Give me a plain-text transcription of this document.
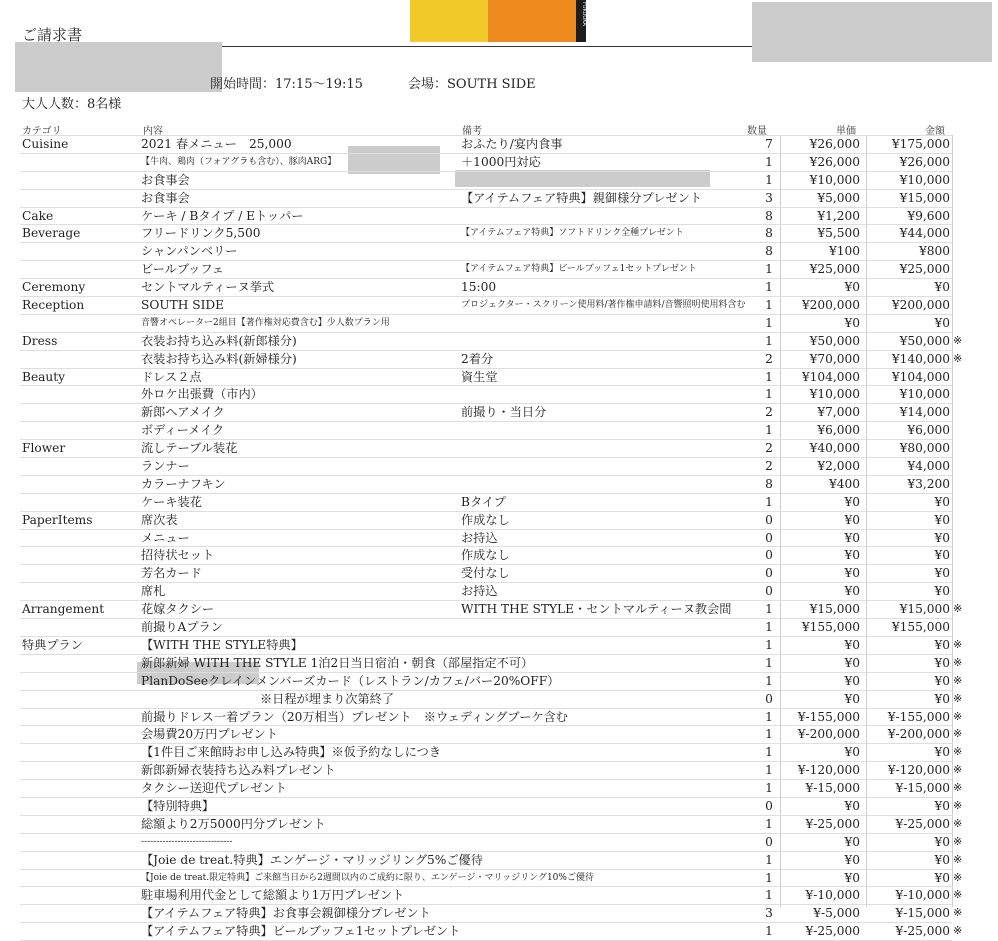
FUKUOKA
ご請求書
開始時間：17:15～19:15	会場：SOUTH SIDE
大人人数：8名様
カテゴリ	内容	備考	数量	単価	金額
Cuisine	2021 春メニュー　25,000	おふたり/宴内食事	7	¥26,000	¥175,000
【牛肉、鶏肉（フォアグラも含む）、豚肉ARG】	＋1000円対応	1	¥26,000	¥26,000
お食事会	1	¥10,000	¥10,000
お食事会	【アイテムフェア特典】親御様分プレゼント	3	¥5,000	¥15,000
Cake	ケーキ / Bタイプ / Eトッパー	8	¥1,200	¥9,600
Beverage	フリードリンク5,500	【アイテムフェア特典】ソフトドリンク全種プレゼント	8	¥5,500	¥44,000
シャンパンベリー	8	¥100	¥800
ビールブッフェ	【アイテムフェア特典】ビールブッフェ1セットプレゼント	1	¥25,000	¥25,000
Ceremony	セントマルティーヌ挙式	15:00	1	¥0	¥0
Reception	SOUTH SIDE	プロジェクター・スクリーン使用料/著作権申請料/音響照明使用料含む	1	¥200,000	¥200,000
音響オペレーター2組目【著作権対応費含む】少人数プラン用	1	¥0	¥0
Dress	衣装お持ち込み料(新郎様分)	1	¥50,000	¥50,000 ※
衣装お持ち込み料(新婦様分)	2着分	2	¥70,000	¥140,000 ※
Beauty	ドレス２点	資生堂	1	¥104,000	¥104,000
外ロケ出張費（市内）	1	¥10,000	¥10,000
新郎ヘアメイク	前撮り・当日分	2	¥7,000	¥14,000
ボディーメイク	1	¥6,000	¥6,000
Flower	流しテーブル装花	2	¥40,000	¥80,000
ランナー	2	¥2,000	¥4,000
カラーナフキン	8	¥400	¥3,200
ケーキ装花	Bタイプ	1	¥0	¥0
PaperItems	席次表	作成なし	0	¥0	¥0
メニュー	お持込	0	¥0	¥0
招待状セット	作成なし	0	¥0	¥0
芳名カード	受付なし	0	¥0	¥0
席札	お持込	0	¥0	¥0
Arrangement	花嫁タクシー	WITH THE STYLE・セントマルティーヌ教会間	1	¥15,000	¥15,000 ※
前撮りAプラン	1	¥155,000	¥155,000
特典プラン	【WITH THE STYLE特典】	1	¥0	¥0 ※
新郎新婦 WITH THE STYLE 1泊2日当日宿泊・朝食（部屋指定不可）	1	¥0	¥0 ※
PlanDoSeeクレインメンバーズカード（レストラン/カフェ/バー20%OFF）	1	¥0	¥0 ※
※日程が埋まり次第終了	0	¥0	¥0 ※
前撮りドレス一着プラン（20万相当）プレゼント　※ウェディングブーケ含む	1	¥-155,000	¥-155,000 ※
会場費20万円プレゼント	1	¥-200,000	¥-200,000 ※
【1件目ご来館時お申し込み特典】※仮予約なしにつき	1	¥0	¥0 ※
新郎新婦衣装持ち込み料プレゼント	1	¥-120,000	¥-120,000 ※
タクシー送迎代プレゼント	1	¥-15,000	¥-15,000 ※
【特別特典】	0	¥0	¥0 ※
総額より2万5000円分プレゼント	1	¥-25,000	¥-25,000 ※
------------------------------	0	¥0	¥0 ※
【Joie de treat.特典】エンゲージ・マリッジリング5%ご優待	1	¥0	¥0 ※
【Joie de treat.限定特典】ご来館当日から2週間以内のご成約に限り、エンゲージ・マリッジリング10%ご優待	1	¥0	¥0 ※
駐車場利用代金として総額より1万円プレゼント	1	¥-10,000	¥-10,000 ※
【アイテムフェア特典】お食事会親御様分プレゼント	3	¥-5,000	¥-15,000 ※
【アイテムフェア特典】ビールブッフェ1セットプレゼント	1	¥-25,000	¥-25,000 ※
